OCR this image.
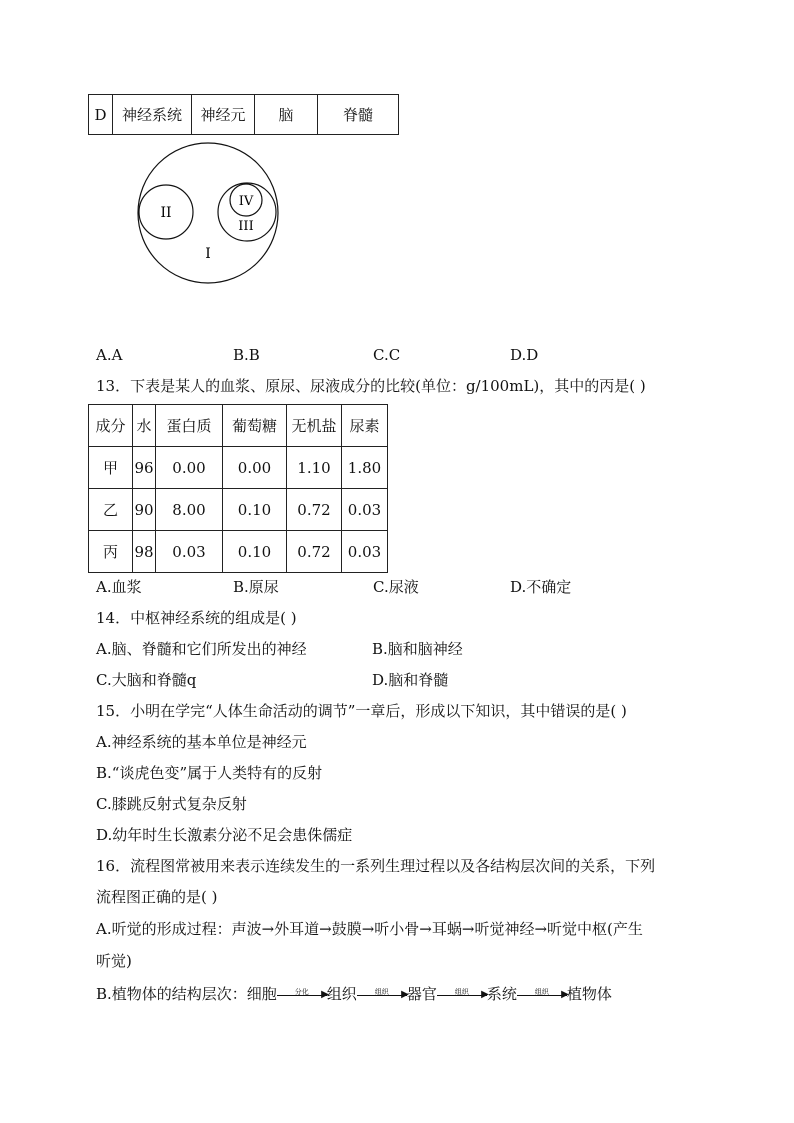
D	神经系统	神经元	脑	脊髓
II
IV
III
I
A.A	B.B	C.C	D.D
13．下表是某人的血浆、原尿、尿液成分的比较(单位：g/100mL)，其中的丙是( )
成分	水	蛋白质	葡萄糖	无机盐	尿素
甲	96	0.00	0.00	1.10	1.80
乙	90	8.00	0.10	0.72	0.03
丙	98	0.03	0.10	0.72	0.03
A.血浆	B.原尿	C.尿液	D.不确定
14．中枢神经系统的组成是( )
A.脑、脊髓和它们所发出的神经	B.脑和脑神经
C.大脑和脊髓q	D.脑和脊髓
15．小明在学完“人体生命活动的调节”一章后，形成以下知识，其中错误的是( )
A.神经系统的基本单位是神经元
B.“谈虎色变”属于人类特有的反射
C.膝跳反射式复杂反射
D.幼年时生长激素分泌不足会患侏儒症
16．流程图常被用来表示连续发生的一系列生理过程以及各结构层次间的关系，下列
流程图正确的是( )
A.听觉的形成过程：声波→外耳道→鼓膜→听小骨→耳蜗→听觉神经→听觉中枢(产生
听觉)
B.植物体的结构层次：细胞	分化	▶
组织	组织	▶
器官	组织	▶
系统	组织	▶
植物体
